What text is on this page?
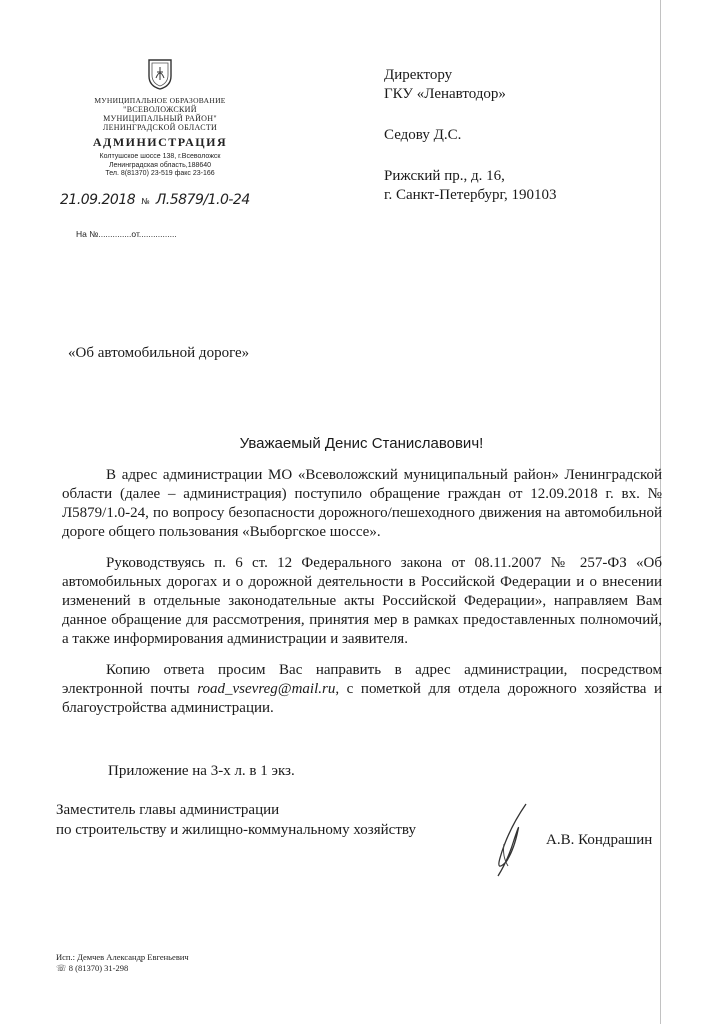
МУНИЦИПАЛЬНОЕ ОБРАЗОВАНИЕ
"ВСЕВОЛОЖСКИЙ
МУНИЦИПАЛЬНЫЙ РАЙОН"
ЛЕНИНГРАДСКОЙ ОБЛАСТИ
АДМИНИСТРАЦИЯ
Колтушское шоссе 138, г.Всеволожск
Ленинградская область,188640
Тел. 8(81370) 23-519 факс 23-166
21.09.2018 № Л.5879/1.0-24
На №..............от................
Директору
ГКУ «Ленавтодор»
Седову Д.С.
Рижский пр., д. 16,
г. Санкт-Петербург, 190103
«Об автомобильной дороге»
Уважаемый Денис Станиславович!

В адрес администрации МО «Всеволожский муниципальный район» Ленинградской области (далее – администрация) поступило обращение граждан от 12.09.2018 г. вх. № Л5879/1.0-24, по вопросу безопасности дорожного/пешеходного движения на автомобильной дороге общего пользования «Выборгское шоссе».

Руководствуясь п. 6 ст. 12 Федерального закона от 08.11.2007 № 257-ФЗ «Об автомобильных дорогах и о дорожной деятельности в Российской Федерации и о внесении изменений в отдельные законодательные акты Российской Федерации», направляем Вам данное обращение для рассмотрения, принятия мер в рамках предоставленных полномочий, а также информирования администрации и заявителя.

Копию ответа просим Вас направить в адрес администрации, посредством электронной почты road_vsevreg@mail.ru, с пометкой для отдела дорожного хозяйства и благоустройства администрации.

Приложение на 3-х л. в 1 экз.
Заместитель главы администрации
по строительству и жилищно-коммунальному хозяйству
А.В. Кондрашин
Исп.: Демчев Александр Евгеньевич
☏ 8 (81370) 31-298
